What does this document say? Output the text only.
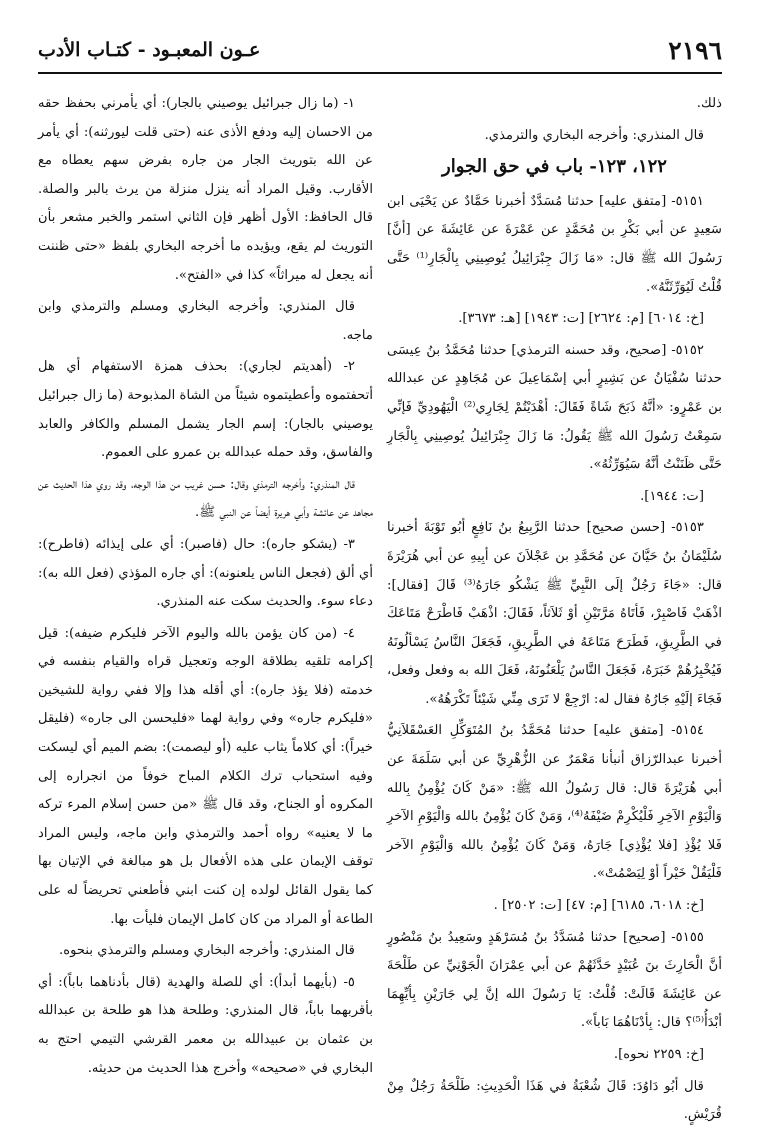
٢١٩٦
عـون المعبـود - كتـاب الأدب

ذلك.

قال المنذري: وأخرجه البخاري والترمذي.

١٢٢، ١٢٣- باب في حق الجوار

٥١٥١- [متفق عليه] حدثنا مُسَدَّدٌ أخبرنا حَمَّادٌ عن يَحْيَى ابن سَعِيدٍ عن أبي بَكْرِ بن مُحَمَّدٍ عن عَمْرَةَ عن عَائِشَةَ عن [أنَّ] رَسُولَ الله ﷺ قال: «مَا زَالَ جِبْرَائِيلُ يُوصِينِي بِالْجَارِ⁽¹⁾ حَتَّى قُلْتُ لَيُوَرِّثَنَّهُ».

[خ: ٦٠١٤] [م: ٢٦٢٤] [ت: ١٩٤٣] [هـ: ٣٦٧٣].

٥١٥٢- [صحيح، وقد حسنه الترمذي] حدثنا مُحَمَّدُ بنُ عِيسَى حدثنا سُفْيَانُ عن بَشِيرٍ أبي إسْمَاعِيلَ عن مُجَاهِدٍ عن عبدالله بن عَمْرٍو: «أنَّهُ ذَبَحَ شَاةً فَقَالَ: أهْدَيْتُمْ لِجَارِي⁽²⁾ الْيَهُودِيِّ فَإنِّي سَمِعْتُ رَسُولَ الله ﷺ يَقُولُ: مَا زَالَ جِبْرَائِيلُ يُوصِينِي بِالْجَارِ حَتَّى ظَنَنْتُ أنَّهُ سَيُوَرِّثُهُ».

[ت: ١٩٤٤].

٥١٥٣- [حسن صحيح] حدثنا الرَّبِيعُ بنُ نَافِعٍ أبُو تَوْبَةَ أخبرنا سُلَيْمَانُ بنُ حَيَّانَ عن مُحَمَّدِ بن عَجْلاَنَ عن أبِيهِ عن أبي هُرَيْرَةَ قال: «جَاءَ رَجُلٌ إلَى النَّبِيِّ ﷺ يَشْكُو جَارَهُ⁽³⁾ قَالَ [فقال]: اذْهَبْ فَاصْبِرْ، فَأتَاهُ مَرَّتَيْنِ أوْ ثَلاَثاً، فَقَالَ: اذْهَبْ فَاطْرَحْ مَتَاعَكَ في الطَّرِيقِ، فَطَرَحَ مَتَاعَهُ في الطَّرِيقِ، فَجَعَلَ النَّاسُ يَسْألُونَهُ فَيُخْبِرُهُمْ خَبَرَهُ، فَجَعَلَ النَّاسُ يَلْعَنُونَهُ، فَعَلَ الله به وفعل وفعل، فَجَاءَ إلَيْهِ جَارُهُ فقال له: ارْجِعْ لا تَرَى مِنِّي شَيْئاً تَكْرَهُهُ».

٥١٥٤- [متفق عليه] حدثنا مُحَمَّدُ بنُ المُتَوَكِّلِ العَسْقَلاَنِيُّ أخبرنا عبدالرّزاق أنبأنا مَعْمَرٌ عن الزُّهْرِيِّ عن أبي سَلَمَةَ عن أبي هُرَيْرَةَ قال: قال رَسُولُ الله ﷺ: «مَنْ كَانَ يُؤْمِنُ بِالله وَالْيَوْمِ الآخِرِ فَلْيُكْرِمْ ضَيْفَهُ⁽⁴⁾، وَمَنْ كَانَ يُؤْمِنُ بالله وَالْيَوْمِ الآخرِ فَلا يُؤْذِ [فلا يُؤْذِي] جَارَهُ، وَمَنْ كَانَ يُؤْمِنُ بالله وَالْيَوْمِ الآخر فَلْيَقُلْ خَيْراً أوْ لِيَصْمُتْ».

[خ: ٦٠١٨، ٦١٨٥] [م: ٤٧] [ت: ٢٥٠٢] .

٥١٥٥- [صحيح] حدثنا مُسَدَّدُ بنُ مُسَرْهَدٍ وسَعِيدُ بنُ مَنْصُورٍ أنَّ الْحَارِثَ بنَ عُبَيْدٍ حَدَّثَهُمْ عن أبي عِمْرَانَ الْجَوْنِيِّ عن طَلْحَةَ عن عَائِشَةَ قَالَتْ: قُلْتُ: يَا رَسُولَ الله إنَّ لِي جَارَيْنِ بِأيِّهِمَا أبْدَأُ⁽⁵⁾؟ قال: بِأدْنَاهُمَا بَاباً».

[خ: ٢٢٥٩ نحوه].

قال أبُو دَاوُدَ: قَالَ شُعْبَةُ في هَذَا الْحَدِيثِ: طَلْحَةُ رَجُلٌ مِنْ قُرَيْشٍ.

١- (ما زال جبرائيل يوصيني بالجار): أي يأمرني بحفظ حقه من الاحسان إليه ودفع الأذى عنه (حتى قلت ليورثنه): أي يأمر عن الله بتوريث الجار من جاره بفرض سهم يعطاه مع الأقارب. وقيل المراد أنه ينزل منزلة من يرث بالبر والصلة. قال الحافظ: الأول أظهر فإن الثاني استمر والخبر مشعر بأن التوريث لم يقع، ويؤيده ما أخرجه البخاري بلفظ «حتى ظننت أنه يجعل له ميراثاً» كذا في «الفتح».

قال المنذري: وأخرجه البخاري ومسلم والترمذي وابن ماجه.

٢- (أهديتم لجاري): بحذف همزة الاستفهام أي هل أتحفتموه وأعطيتموه شيئاً من الشاة المذبوحة (ما زال جبرائيل يوصيني بالجار): إسم الجار يشمل المسلم والكافر والعابد والفاسق، وقد حمله عبدالله بن عمرو على العموم.

قال المنذري: وأخرجه الترمذي وقال: حسن غريب من هذا الوجه، وقد روي هذا الحديث عن مجاهد عن عائشة وأبي هريرة أيضاً عن النبي ﷺ.

٣- (يشكو جاره): حال (فاصبر): أي على إيذائه (فاطرح): أي ألق (فجعل الناس يلعنونه): أي جاره المؤذي (فعل الله به): دعاء سوء. والحديث سكت عنه المنذري.

٤- (من كان يؤمن بالله واليوم الآخر فليكرم ضيفه): قيل إكرامه تلقيه بطلاقة الوجه وتعجيل قراه والقيام بنفسه في خدمته (فلا يؤذ جاره): أي أقله هذا وإلا ففي رواية للشيخين «فليكرم جاره» وفي رواية لهما «فليحسن الى جاره» (فليقل خيراً): أي كلاماً يثاب عليه (أو ليصمت): بضم الميم أي ليسكت وفيه استحباب ترك الكلام المباح خوفاً من انجراره إلى المكروه أو الجناح، وقد قال ﷺ «من حسن إسلام المرء تركه ما لا يعنيه» رواه أحمد والترمذي وابن ماجه، وليس المراد توقف الإيمان على هذه الأفعال بل هو مبالغة في الإتيان بها كما يقول القائل لولده إن كنت ابني فأطعني تحريضاً له على الطاعة أو المراد من كان كامل الإيمان فليأت بها.

قال المنذري: وأخرجه البخاري ومسلم والترمذي بنحوه.

٥- (بأيهما أبدأ): أي للصلة والهدية (قال بأدناهما باباً): أي بأقربهما باباً، قال المنذري: وطلحة هذا هو طلحة بن عبدالله بن عثمان بن عبيدالله بن معمر القرشي التيمي احتج به البخاري في «صحيحه» وأخرج هذا الحديث من حديثه.
